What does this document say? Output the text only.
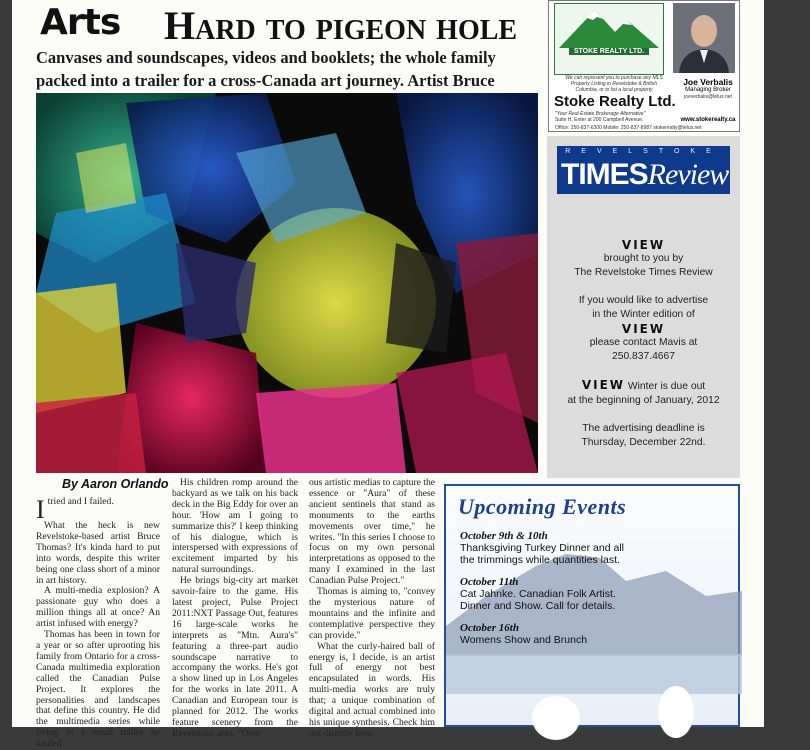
Arts Hard to pigeon hole
Canvases and soundscapes, videos and booklets; the whole family packed into a trailer for a cross-Canada art journey. Artist Bruce
By Aaron Orlando

Itried and I failed.

What the heck is new Revelstoke-based artist Bruce Thomas? It's kinda hard to put into words, despite this writer being one class short of a minor in art history.

A multi-media explosion? A passionate guy who does a million things all at once? An artist infused with energy?

Thomas has been in town for a year or so after uprooting his family from Ontario for a cross-Canada multimedia exploration called the Canadian Pulse Project. It explores the personalities and landscapes that define this country. He did the multimedia series while living in a small trailer he hauled

His children romp around the backyard as we talk on his back deck in the Big Eddy for over an hour. 'How am I going to summarize this?' I keep thinking of his dialogue, which is interspersed with expressions of excitement imparted by his natural surroundings.

He brings big-city art market savoir-faire to the game. His latest project, Pulse Project 2011:NXT Passage Out, features 16 large-scale works he interprets as "Mtn. Aura's" featuring a three-part audio soundscape narrative to accompany the works. He's got a show lined up in Los Angeles for the works in late 2011. A Canadian and European tour is planned for 2012. The works feature scenery from the Revelstoke area. "Over

ous artistic medias to capture the essence or "Aura" of these ancient sentinels that stand as monuments to the earths movements over time," he writes. "In this series I choose to focus on my own personal interpretations as opposed to the many I examined in the last Canadian Pulse Project."

Thomas is aiming to, "convey the mysterious nature of mountains and the infinite and contemplative perspective they can provide."

What the curly-haired ball of energy is, I decide, is an artist full of energy not best encapsulated in words. His multi-media works are truly that; a unique combination of digital and actual combined into his unique synthesis. Check him out directly here:

STOKE REALTY LTD.
We can represent you to purchase any MLS Property Listing in Revelstoke & British Columbia, or to list a local property
Joe Verbalis
Managing Broker
joeverbalis@telus.net
Stoke Realty Ltd.
"Your Real Estate Brokerage Alternative"
Suite H, Enter at 200 Campbell Avenue.	www.stokerealty.ca
Office: 250-837-6300 Mobile: 250-837-8987 stokerealty@telus.net
REVELSTOKE
TIMESReview
VIEW
brought to you by
The Revelstoke Times Review
If you would like to advertise
in the Winter edition of
VIEW
please contact Mavis at
250.837.4667
VIEW Winter is due out
at the beginning of January, 2012
The advertising deadline is
Thursday, December 22nd.
Upcoming Events
October 9th & 10th
Thanksgiving Turkey Dinner and all
the trimmings while quantities last.
October 11th
Cat Jahnke. Canadian Folk Artist.
Dinner and Show. Call for details.
October 16th
Womens Show and Brunch
